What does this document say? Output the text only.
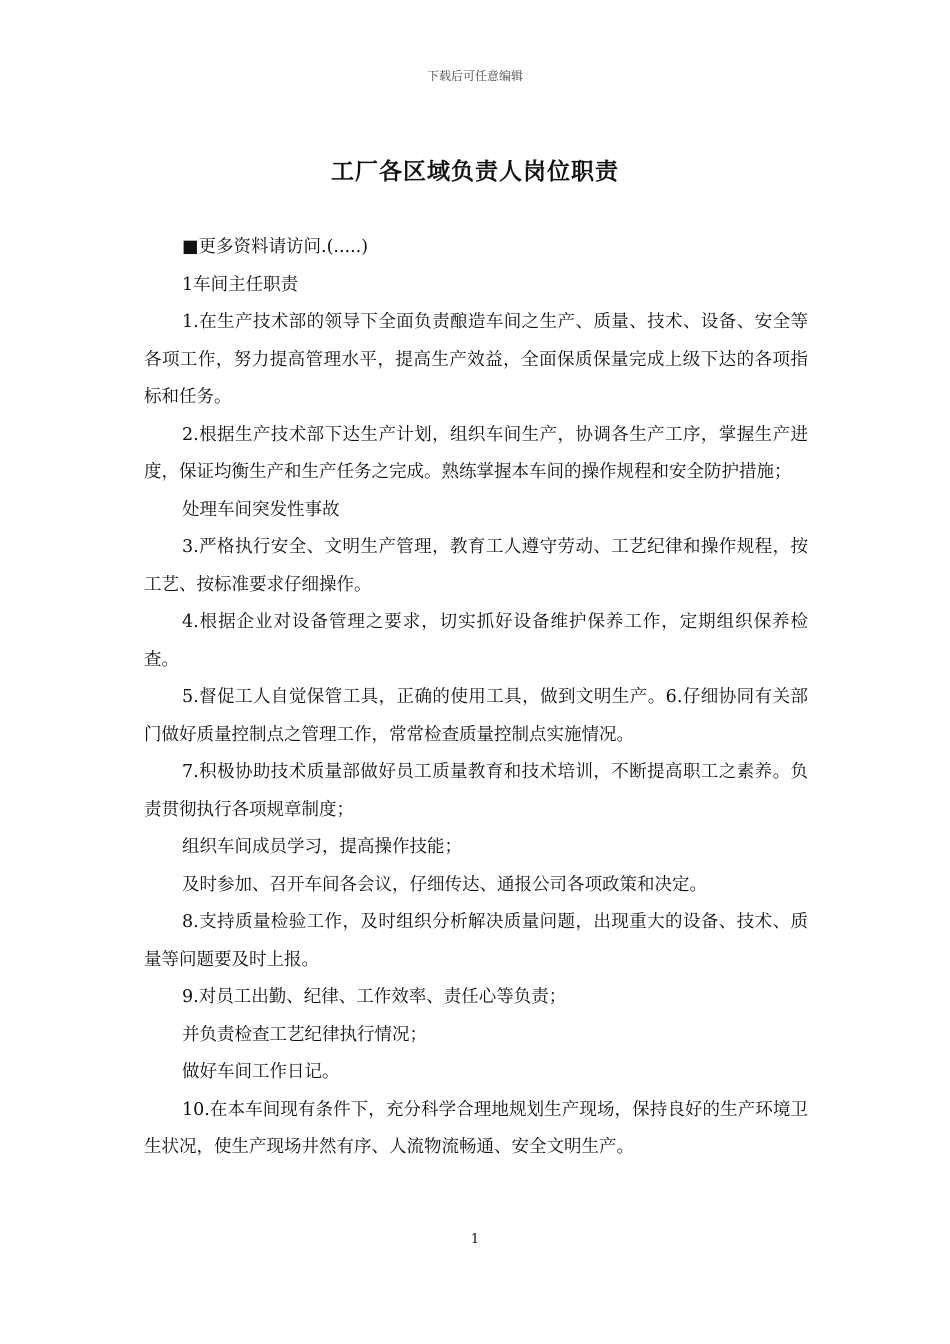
下载后可任意编辑
工厂各区域负责人岗位职责

■更多资料请访问.(.....)

1车间主任职责

1.在生产技术部的领导下全面负责酿造车间之生产、质量、技术、设备、安全等各项工作，努力提高管理水平，提高生产效益，全面保质保量完成上级下达的各项指标和任务。

2.根据生产技术部下达生产计划，组织车间生产，协调各生产工序，掌握生产进度，保证均衡生产和生产任务之完成。熟练掌握本车间的操作规程和安全防护措施；

处理车间突发性事故

3.严格执行安全、文明生产管理，教育工人遵守劳动、工艺纪律和操作规程，按工艺、按标准要求仔细操作。

4.根据企业对设备管理之要求，切实抓好设备维护保养工作，定期组织保养检查。

5.督促工人自觉保管工具，正确的使用工具，做到文明生产。6.仔细协同有关部门做好质量控制点之管理工作，常常检查质量控制点实施情况。

7.积极协助技术质量部做好员工质量教育和技术培训，不断提高职工之素养。负责贯彻执行各项规章制度；

组织车间成员学习，提高操作技能；

及时参加、召开车间各会议，仔细传达、通报公司各项政策和决定。

8.支持质量检验工作，及时组织分析解决质量问题，出现重大的设备、技术、质量等问题要及时上报。

9.对员工出勤、纪律、工作效率、责任心等负责；

并负责检查工艺纪律执行情况；

做好车间工作日记。

10.在本车间现有条件下，充分科学合理地规划生产现场，保持良好的生产环境卫生状况，使生产现场井然有序、人流物流畅通、安全文明生产。

1
